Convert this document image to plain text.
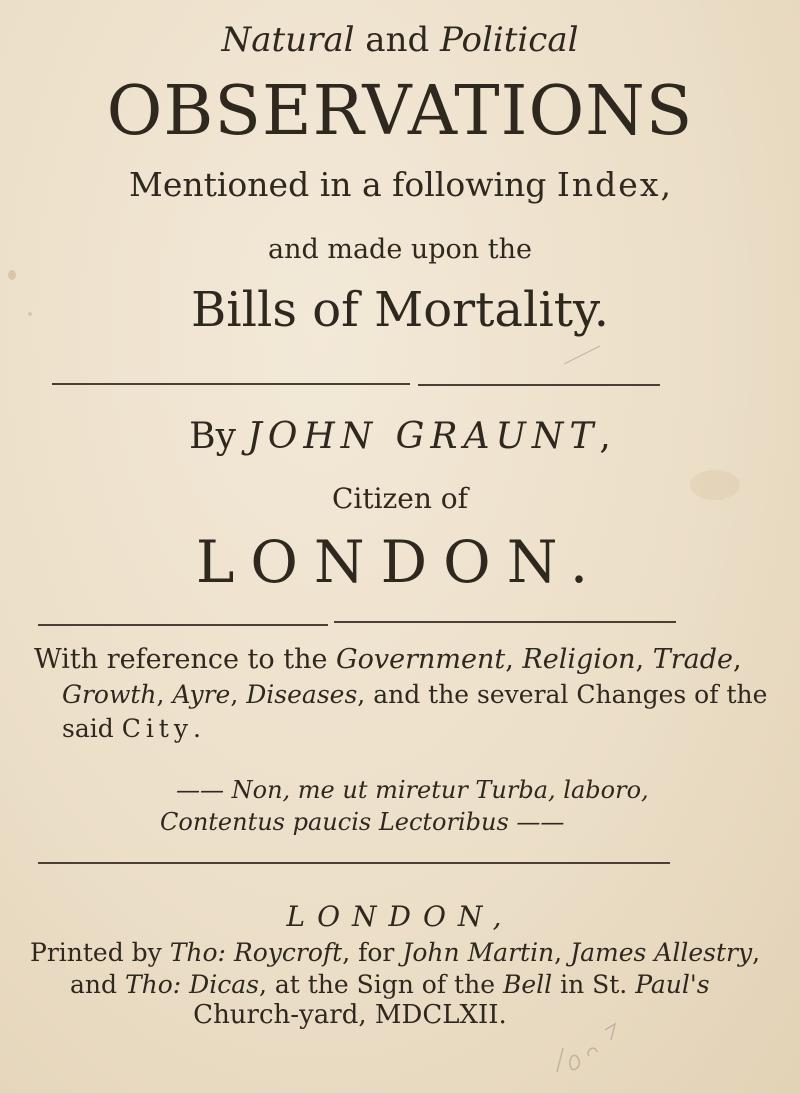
Natural and Political
OBSERVATIONS
Mentioned in a following Index,
and made upon the
Bills of Mortality.
By JOHN GRAUNT,
Citizen of
LONDON.
With reference to the Government, Religion, Trade,
Growth, Ayre, Diseases, and the several Changes of the
said City.
—— Non, me ut miretur Turba, laboro,
Contentus paucis Lectoribus ——
LONDON,
Printed by Tho: Roycroft, for John Martin, James Allestry,
and Tho: Dicas, at the Sign of the Bell in St. Paul's
Church-yard, MDCLXII.
